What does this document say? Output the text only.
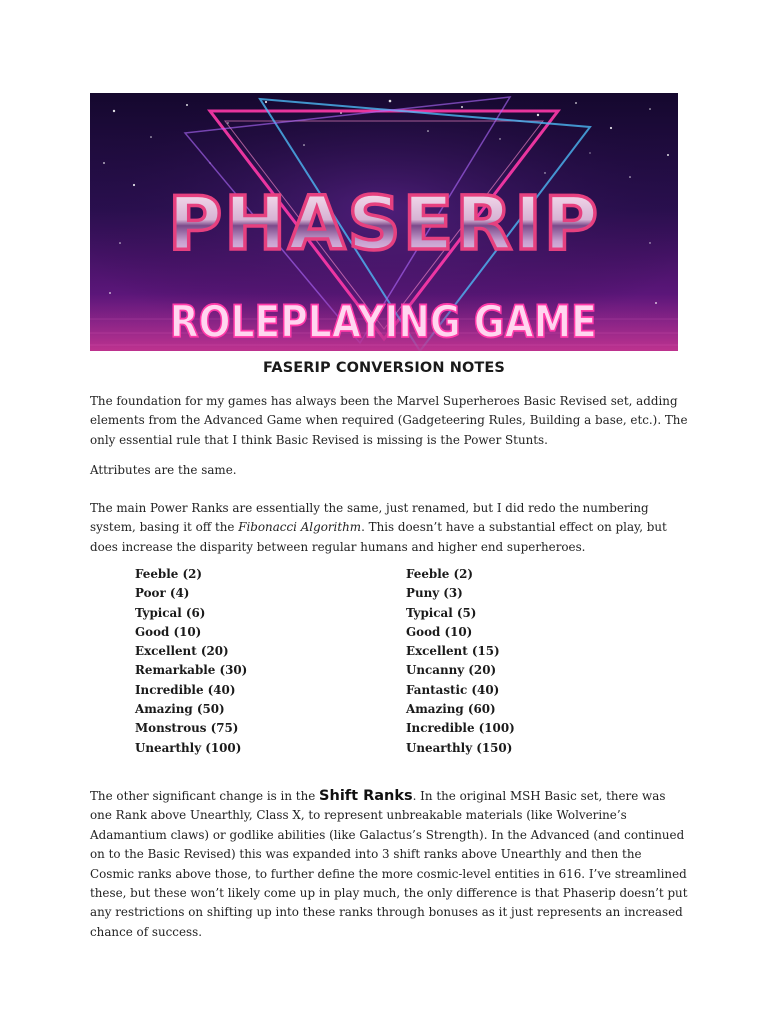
PHASERIP
ROLEPLAYING GAME
FASERIP CONVERSION NOTES

The foundation for my games has always been the Marvel Superheroes Basic Revised set, adding elements from the Advanced Game when required (Gadgeteering Rules, Building a base, etc.). The only essential rule that I think Basic Revised is missing is the Power Stunts.

Attributes are the same.

The main Power Ranks are essentially the same, just renamed, but I did redo the numbering system, basing it off the Fibonacci Algorithm. This doesn’t have a substantial effect on play, but does increase the disparity between regular humans and higher end superheroes.

Feeble (2)
Poor (4)
Typical (6)
Good (10)
Excellent (20)
Remarkable (30)
Incredible (40)
Amazing (50)
Monstrous (75)
Unearthly (100)
Feeble (2)
Puny (3)
Typical (5)
Good (10)
Excellent (15)
Uncanny (20)
Fantastic (40)
Amazing (60)
Incredible (100)
Unearthly (150)

The other significant change is in the Shift Ranks. In the original MSH Basic set, there was one Rank above Unearthly, Class X, to represent unbreakable materials (like Wolverine’s Adamantium claws) or godlike abilities (like Galactus’s Strength). In the Advanced (and continued on to the Basic Revised) this was expanded into 3 shift ranks above Unearthly and then the Cosmic ranks above those, to further define the more cosmic-level entities in 616. I’ve streamlined these, but these won’t likely come up in play much, the only difference is that Phaserip doesn’t put any restrictions on shifting up into these ranks through bonuses as it just represents an increased chance of success.
